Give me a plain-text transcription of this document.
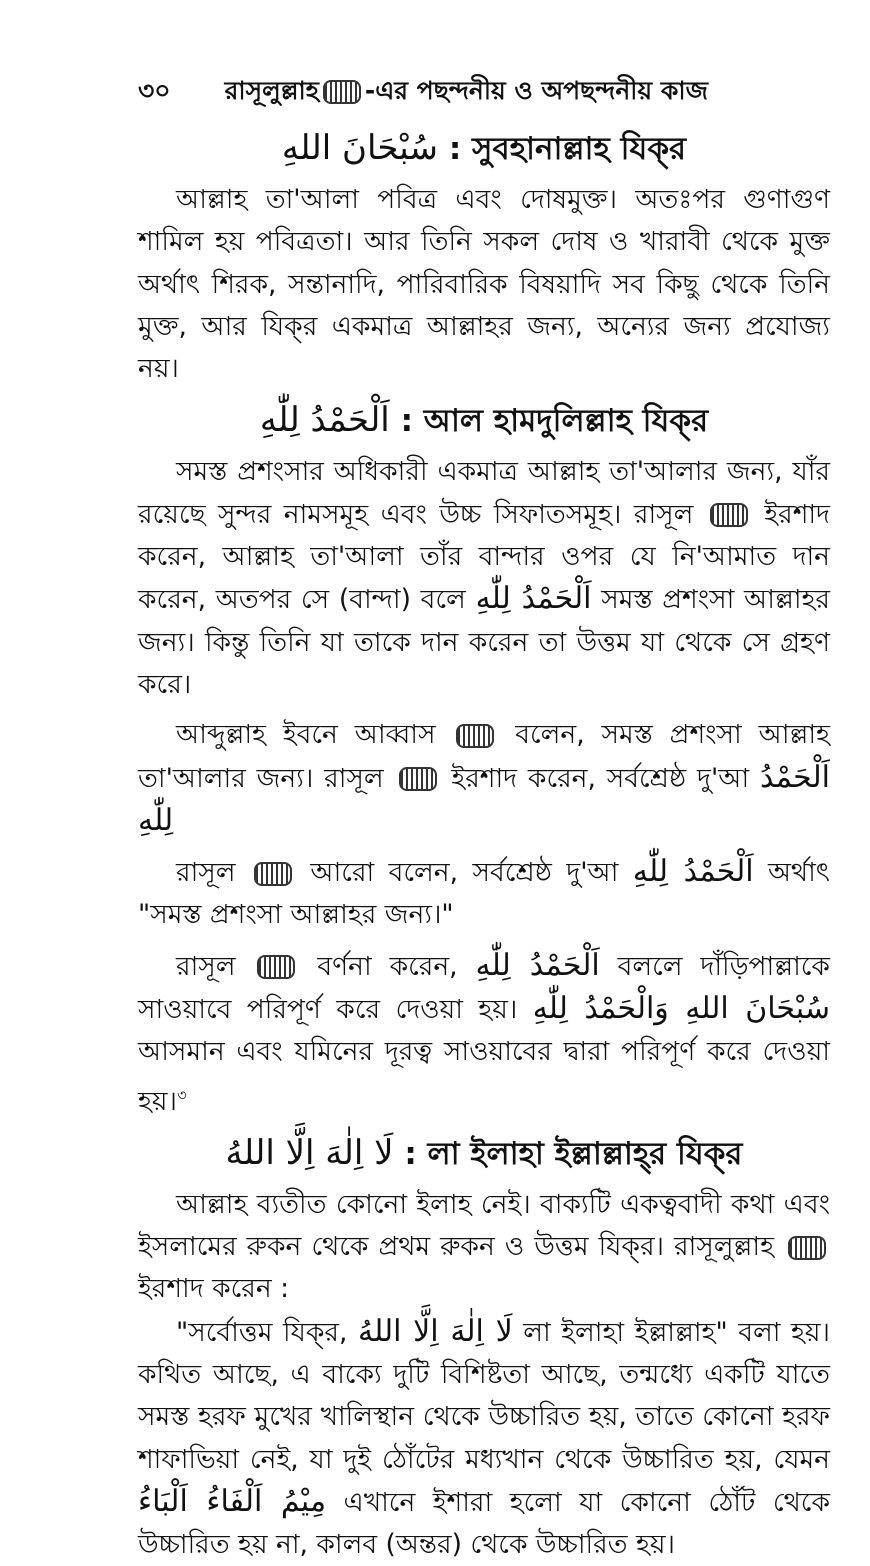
৩০	রাসূলুল্লাহ -এর পছন্দনীয় ও অপছন্দনীয় কাজ
سُبْحَانَ اللهِ : সুবহানাল্লাহ যিক্‌র

আল্লাহ তা'আলা পবিত্র এবং দোষমুক্ত। অতঃপর গুণাগুণ শামিল হয় পবিত্রতা। আর তিনি সকল দোষ ও খারাবী থেকে মুক্ত অর্থাৎ শিরক, সন্তানাদি, পারিবারিক বিষয়াদি সব কিছু থেকে তিনি মুক্ত, আর যিক্‌র একমাত্র আল্লাহর জন্য, অন্যের জন্য প্রযোজ্য নয়।

اَلْحَمْدُ لِلّٰهِ : আল হামদুলিল্লাহ যিক্‌র

সমস্ত প্রশংসার অধিকারী একমাত্র আল্লাহ তা'আলার জন্য, যাঁর রয়েছে সুন্দর নামসমূহ এবং উচ্চ সিফাতসমূহ। রাসূল	ইরশাদ করেন, আল্লাহ তা'আলা তাঁর বান্দার ওপর যে নি'আমাত দান করেন, অতপর সে (বান্দা) বলে اَلْحَمْدُ لِلّٰهِ সমস্ত প্রশংসা আল্লাহর জন্য। কিন্তু তিনি যা তাকে দান করেন তা উত্তম যা থেকে সে গ্রহণ করে।

আব্দুল্লাহ ইবনে আব্বাস	বলেন, সমস্ত প্রশংসা আল্লাহ তা'আলার জন্য। রাসূল	ইরশাদ করেন, সর্বশ্রেষ্ঠ দু'আ اَلْحَمْدُ لِلّٰهِ

রাসূল	আরো বলেন, সর্বশ্রেষ্ঠ দু'আ اَلْحَمْدُ لِلّٰهِ অর্থাৎ "সমস্ত প্রশংসা আল্লাহর জন্য।"

রাসূল	বর্ণনা করেন, اَلْحَمْدُ لِلّٰهِ বললে দাঁড়িপাল্লাকে সাওয়াবে পরিপূর্ণ করে দেওয়া হয়। سُبْحَانَ اللهِ وَالْحَمْدُ لِلّٰهِ আসমান এবং যমিনের দূরত্ব সাওয়াবের দ্বারা পরিপূর্ণ করে দেওয়া হয়।$^৩$

لَا اِلٰهَ اِلَّا اللهُ : লা ইলাহা ইল্লাল্লাহ্‌র যিক্‌র

আল্লাহ ব্যতীত কোনো ইলাহ নেই। বাক্যটি একত্ববাদী কথা এবং ইসলামের রুকন থেকে প্রথম রুকন ও উত্তম যিক্‌র। রাসূলুল্লাহ  ইরশাদ করেন :

"সর্বোত্তম যিক্‌র, لَا اِلٰهَ اِلَّا اللهُ লা ইলাহা ইল্লাল্লাহ" বলা হয়। কথিত আছে, এ বাক্যে দুটি বিশিষ্টতা আছে, তন্মধ্যে একটি যাতে সমস্ত হরফ মুখের খালিস্থান থেকে উচ্চারিত হয়, তাতে কোনো হরফ শাফাভিয়া নেই, যা দুই ঠোঁটের মধ্যখান থেকে উচ্চারিত হয়, যেমন مِيْمُ اَلْفَاءُ اَلْبَاءُ এখানে ইশারা হলো যা কোনো ঠোঁট থেকে উচ্চারিত হয় না, কালব (অন্তর) থেকে উচ্চারিত হয়।
